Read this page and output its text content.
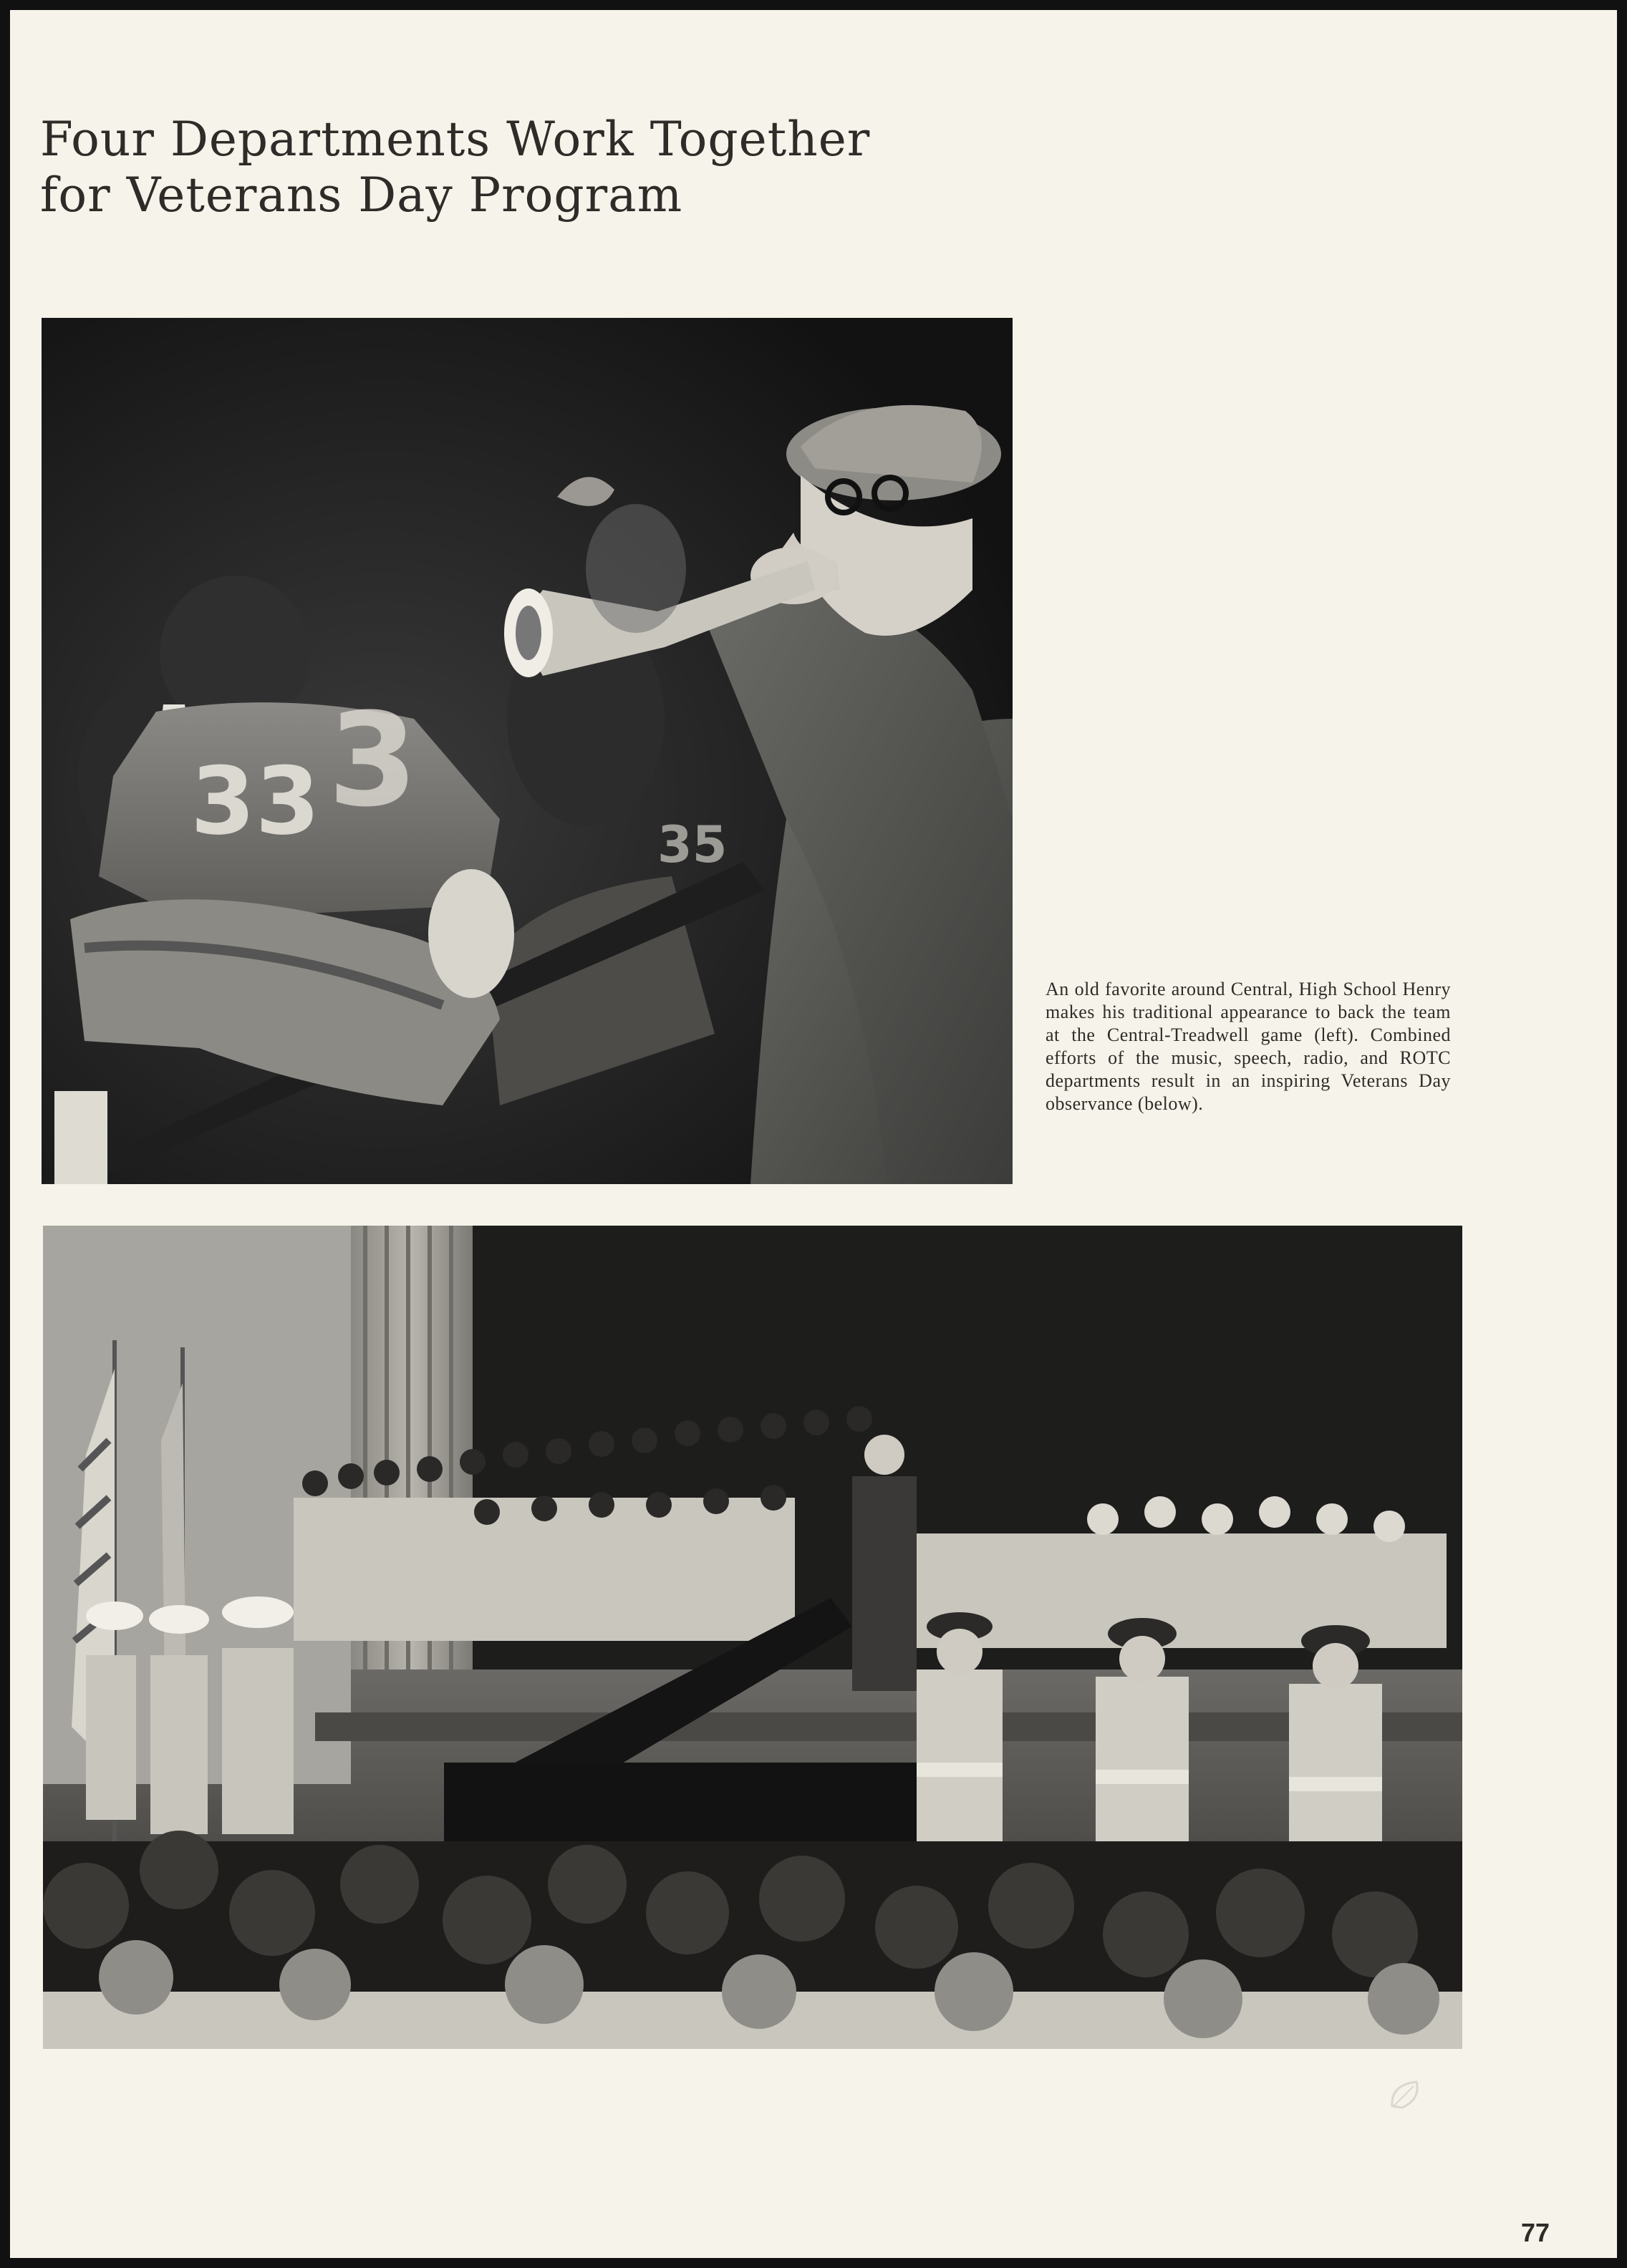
Four Departments Work Together
for Veterans Day Program
33 3
35

An old favorite around Central, High School Henry makes his traditional appearance to back the team at the Central-Treadwell game (left). Combined efforts of the music, speech, radio, and ROTC departments result in an inspiring Veterans Day observance (below).

77
